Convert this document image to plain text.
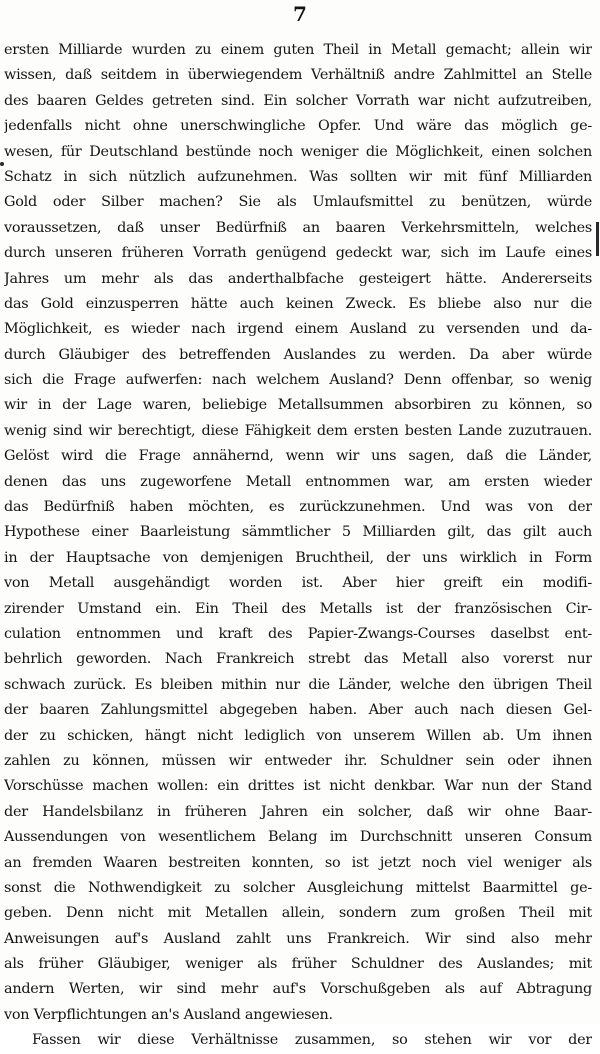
7
ersten Milliarde wurden zu einem guten Theil in Metall gemacht; allein wir
wissen, daß seitdem in überwiegendem Verhältniß andre Zahlmittel an Stelle
des baaren Geldes getreten sind. Ein solcher Vorrath war nicht aufzutreiben,
jedenfalls nicht ohne unerschwingliche Opfer. Und wäre das möglich ge-
wesen, für Deutschland bestünde noch weniger die Möglichkeit, einen solchen
Schatz in sich nützlich aufzunehmen. Was sollten wir mit fünf Milliarden
Gold oder Silber machen? Sie als Umlaufsmittel zu benützen, würde
voraussetzen, daß unser Bedürfniß an baaren Verkehrsmitteln, welches
durch unseren früheren Vorrath genügend gedeckt war, sich im Laufe eines
Jahres um mehr als das anderthalbfache gesteigert hätte. Andererseits
das Gold einzusperren hätte auch keinen Zweck. Es bliebe also nur die
Möglichkeit, es wieder nach irgend einem Ausland zu versenden und da-
durch Gläubiger des betreffenden Auslandes zu werden. Da aber würde
sich die Frage aufwerfen: nach welchem Ausland? Denn offenbar, so wenig
wir in der Lage waren, beliebige Metallsummen absorbiren zu können, so
wenig sind wir berechtigt, diese Fähigkeit dem ersten besten Lande zuzutrauen.
Gelöst wird die Frage annähernd, wenn wir uns sagen, daß die Länder,
denen das uns zugeworfene Metall entnommen war, am ersten wieder
das Bedürfniß haben möchten, es zurückzunehmen. Und was von der
Hypothese einer Baarleistung sämmtlicher 5 Milliarden gilt, das gilt auch
in der Hauptsache von demjenigen Bruchtheil, der uns wirklich in Form
von Metall ausgehändigt worden ist. Aber hier greift ein modifi-
zirender Umstand ein. Ein Theil des Metalls ist der französischen Cir-
culation entnommen und kraft des Papier-Zwangs-Courses daselbst ent-
behrlich geworden. Nach Frankreich strebt das Metall also vorerst nur
schwach zurück. Es bleiben mithin nur die Länder, welche den übrigen Theil
der baaren Zahlungsmittel abgegeben haben. Aber auch nach diesen Gel-
der zu schicken, hängt nicht lediglich von unserem Willen ab. Um ihnen
zahlen zu können, müssen wir entweder ihr. Schuldner sein oder ihnen
Vorschüsse machen wollen: ein drittes ist nicht denkbar. War nun der Stand
der Handelsbilanz in früheren Jahren ein solcher, daß wir ohne Baar-
Aussendungen von wesentlichem Belang im Durchschnitt unseren Consum
an fremden Waaren bestreiten konnten, so ist jetzt noch viel weniger als
sonst die Nothwendigkeit zu solcher Ausgleichung mittelst Baarmittel ge-
geben. Denn nicht mit Metallen allein, sondern zum großen Theil mit
Anweisungen auf's Ausland zahlt uns Frankreich. Wir sind also mehr
als früher Gläubiger, weniger als früher Schuldner des Auslandes; mit
andern Werten, wir sind mehr auf's Vorschußgeben als auf Abtragung
von Verpflichtungen an's Ausland angewiesen.
Fassen wir diese Verhältnisse zusammen, so stehen wir vor der
